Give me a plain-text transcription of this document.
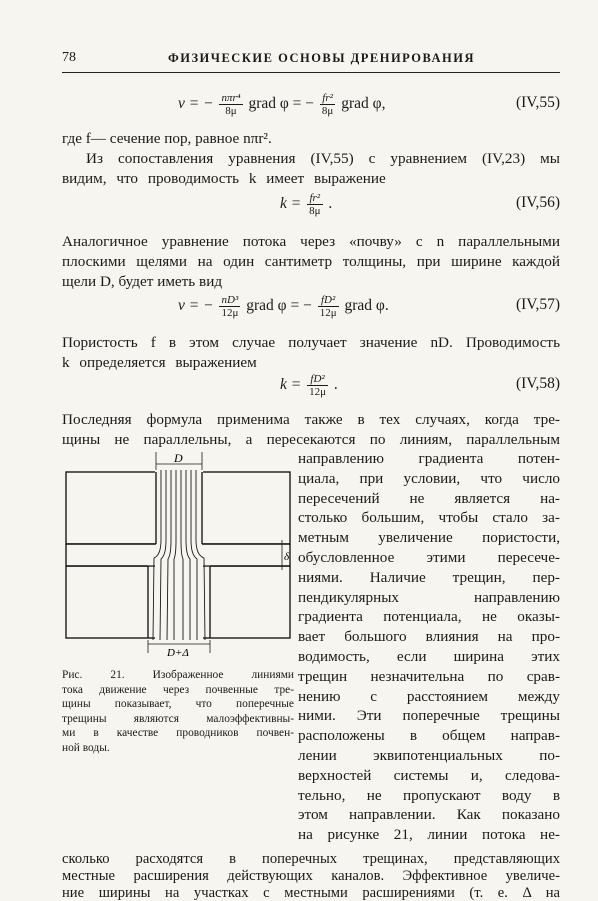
78	ФИЗИЧЕСКИЕ ОСНОВЫ ДРЕНИРОВАНИЯ
v = − $\frac{\text{nπr⁴}}{8\mu}$ grad φ = − $\frac{\text{fr²}}{8\mu}$ grad φ,	(IV,55)
где f— сечение пор, равное nπr².
Из сопоставления уравнения (IV,55) с уравнением (IV,23) мы
видим, что проводимость k имеет выражение
$k = \frac{\text{fr²}}{8\mu}$ .	(IV,56)
Аналогичное уравнение потока через «почву» с n параллельными
плоскими щелями на один сантиметр толщины, при ширине каждой
щели D, будет иметь вид
v = − $\frac{\text{nD³}}{12\mu}$ grad φ = − $\frac{\text{fD²}}{12\mu}$ grad φ.	(IV,57)
Пористость f в этом случае получает значение nD. Проводимость
k определяется выражением
$k = \frac{\text{fD²}}{12\mu}$ .	(IV,58)
Последняя формула применима также в тех случаях, когда тре-
щины не параллельны, а пересекаются по линиям, параллельным
D
D+Δ
δ
Рис. 21. Изображенное линиями
тока движение через почвенные тре-
щины показывает, что поперечные
трещины являются малоэффективны-
ми в качестве проводников почвен-
ной воды.
направлению градиента потен-
циала, при условии, что число
пересечений не является на-
столько большим, чтобы стало за-
метным увеличение пористости,
обусловленное этими пересече-
ниями. Наличие трещин, пер-
пендикулярных направлению
градиента потенциала, не оказы-
вает большого влияния на про-
водимость, если ширина этих
трещин незначительна по срав-
нению с расстоянием между
ними. Эти поперечные трещины
расположены в общем направ-
лении эквипотенциальных по-
верхностей системы и, следова-
тельно, не пропускают воду в
этом направлении. Как показано
на рисунке 21, линии потока не-
сколько расходятся в поперечных трещинах, представляющих
местные расширения действующих каналов. Эффективное увеличе-
ние ширины на участках с местными расширениями (т. е. Δ на
